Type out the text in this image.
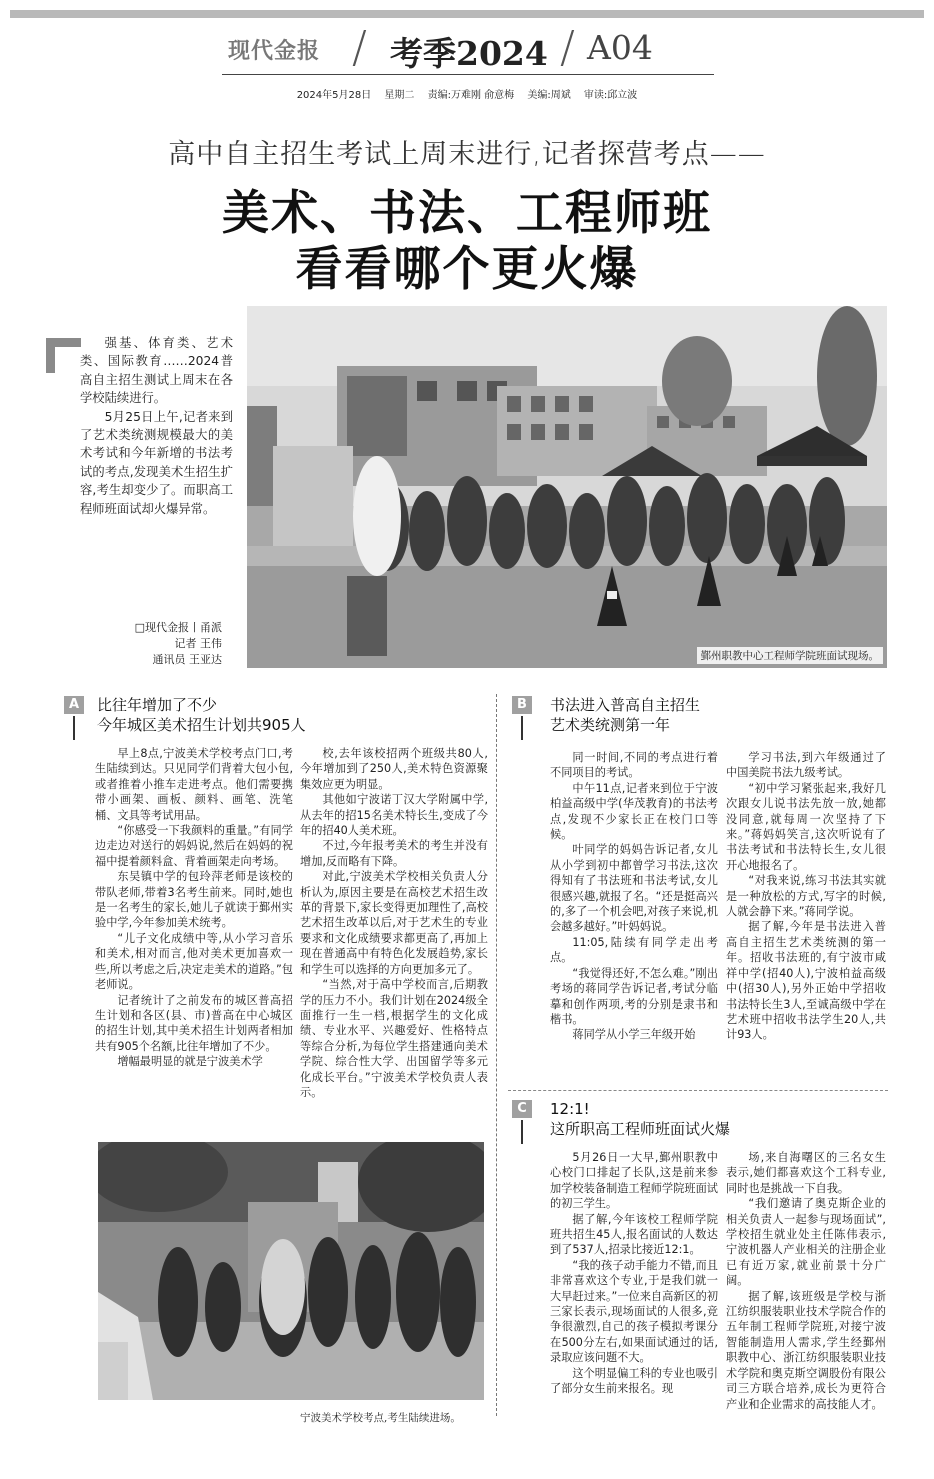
现代金报 / 考季2024 / A04
2024年5月28日 星期二 责编:万难刚 俞意梅 美编:周斌 审读:邱立波
高中自主招生考试上周末进行,记者探营考点——
美术、书法、工程师班
看看哪个更火爆

强基、体育类、艺术类、国际教育……2024普高自主招生测试上周末在各学校陆续进行。

5月25日上午,记者来到了艺术类统测规模最大的美术考试和今年新增的书法考试的考点,发现美术生招生扩容,考生却变少了。而职高工程师班面试却火爆异常。

□现代金报丨甬派
记者 王伟
通讯员 王亚达	鄞州职教中心工程师学院班面试现场。
A	比往年增加了不少
今年城区美术招生计划共905人

早上8点,宁波美术学校考点门口,考生陆续到达。只见同学们背着大包小包,或者推着小推车走进考点。他们需要携带小画架、画板、颜料、画笔、洗笔桶、文具等考试用品。

“你感受一下我颜料的重量。”有同学边走边对送行的妈妈说,然后在妈妈的祝福中提着颜料盒、背着画架走向考场。

东吴镇中学的包玲萍老师是该校的带队老师,带着3名考生前来。同时,她也是一名考生的家长,她儿子就读于鄞州实验中学,今年参加美术统考。

“儿子文化成绩中等,从小学习音乐和美术,相对而言,他对美术更加喜欢一些,所以考虑之后,决定走美术的道路。”包老师说。

记者统计了之前发布的城区普高招生计划和各区(县、市)普高在中心城区的招生计划,其中美术招生计划两者相加共有905个名额,比往年增加了不少。

增幅最明显的就是宁波美术学

校,去年该校招两个班级共80人,今年增加到了250人,美术特色资源聚集效应更为明显。

其他如宁波诺丁汉大学附属中学,从去年的招15名美术特长生,变成了今年的招40人美术班。

不过,今年报考美术的考生并没有增加,反而略有下降。

对此,宁波美术学校相关负责人分析认为,原因主要是在高校艺术招生改革的背景下,家长变得更加理性了,高校艺术招生改革以后,对于艺术生的专业要求和文化成绩要求都更高了,再加上现在普通高中有特色化发展趋势,家长和学生可以选择的方向更加多元了。

“当然,对于高中学校而言,后期教学的压力不小。我们计划在2024级全面推行一生一档,根据学生的文化成绩、专业水平、兴趣爱好、性格特点等综合分析,为每位学生搭建通向美术学院、综合性大学、出国留学等多元化成长平台。”宁波美术学校负责人表示。

宁波美术学校考点,考生陆续进场。
B	书法进入普高自主招生
艺术类统测第一年

同一时间,不同的考点进行着不同项目的考试。

中午11点,记者来到位于宁波柏益高级中学(华茂教育)的书法考点,发现不少家长正在校门口等候。

叶同学的妈妈告诉记者,女儿从小学到初中都曾学习书法,这次得知有了书法班和书法考试,女儿很感兴趣,就报了名。“还是挺高兴的,多了一个机会吧,对孩子来说,机会越多越好。”叶妈妈说。

11:05,陆续有同学走出考点。

“我觉得还好,不怎么难。”刚出考场的蒋同学告诉记者,考试分临摹和创作两项,考的分别是隶书和楷书。

蒋同学从小学三年级开始

学习书法,到六年级通过了中国美院书法九级考试。

“初中学习紧张起来,我好几次跟女儿说书法先放一放,她都没同意,就每周一次坚持了下来。”蒋妈妈笑言,这次听说有了书法考试和书法特长生,女儿很开心地报名了。

“对我来说,练习书法其实就是一种放松的方式,写字的时候,人就会静下来。”蒋同学说。

据了解,今年是书法进入普高自主招生艺术类统测的第一年。招收书法班的,有宁波市咸祥中学(招40人),宁波柏益高级中(招30人),另外正始中学招收书法特长生3人,至诚高级中学在艺术班中招收书法学生20人,共计93人。

C	12:1!
这所职高工程师班面试火爆

5月26日一大早,鄞州职教中心校门口排起了长队,这是前来参加学校装备制造工程师学院班面试的初三学生。

据了解,今年该校工程师学院班共招生45人,报名面试的人数达到了537人,招录比接近12:1。

“我的孩子动手能力不错,而且非常喜欢这个专业,于是我们就一大早赶过来。”一位来自高新区的初三家长表示,现场面试的人很多,竞争很激烈,自己的孩子模拟考课分在500分左右,如果面试通过的话,录取应该问题不大。

这个明显偏工科的专业也吸引了部分女生前来报名。现

场,来自海曙区的三名女生表示,她们都喜欢这个工科专业,同时也是挑战一下自我。

“我们邀请了奥克斯企业的相关负责人一起参与现场面试”,学校招生就业处主任陈伟表示,宁波机器人产业相关的注册企业已有近万家,就业前景十分广阔。

据了解,该班级是学校与浙江纺织服装职业技术学院合作的五年制工程师学院班,对接宁波智能制造用人需求,学生经鄞州职教中心、浙江纺织服装职业技术学院和奥克斯空调股份有限公司三方联合培养,成长为更符合产业和企业需求的高技能人才。
